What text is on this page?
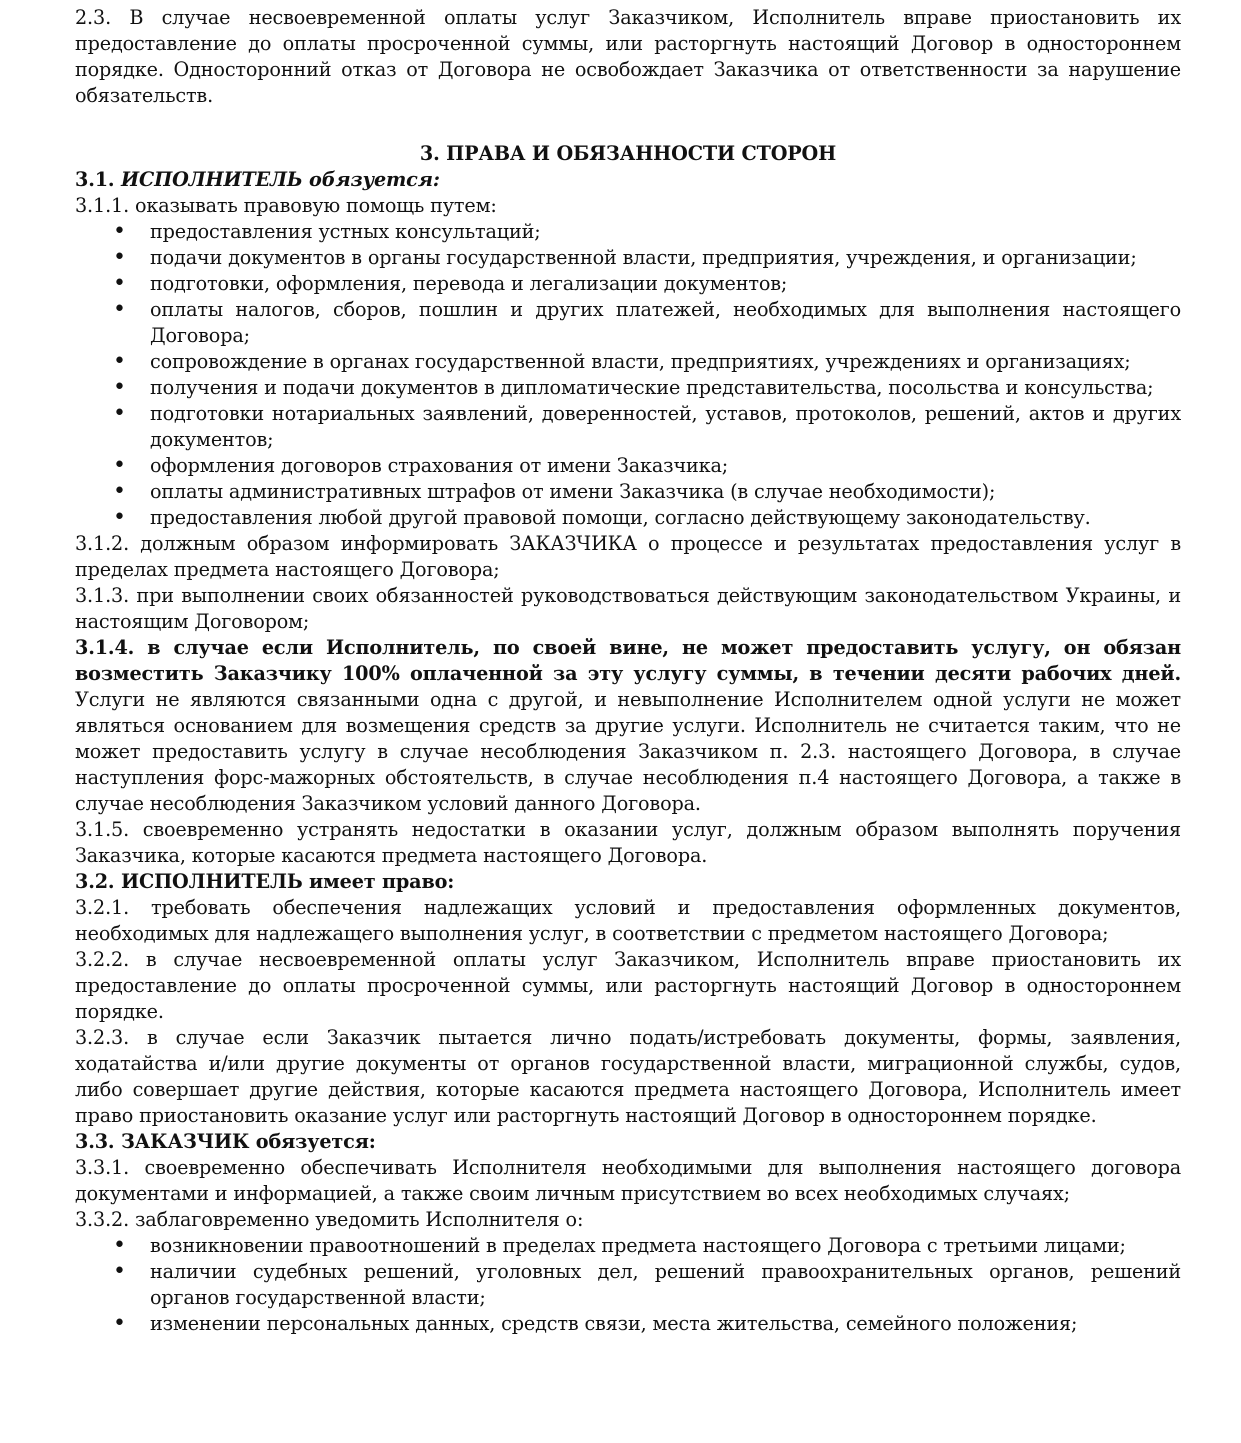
2.3. В случае несвоевременной оплаты услуг Заказчиком, Исполнитель вправе приостановить их предоставление до оплаты просроченной суммы, или расторгнуть настоящий Договор в одностороннем порядке. Односторонний отказ от Договора не освобождает Заказчика от ответственности за нарушение обязательств.

3. ПРАВА И ОБЯЗАННОСТИ СТОРОН

3.1. ИСПОЛНИТЕЛЬ обязуется:

3.1.1. оказывать правовую помощь путем:

• предоставления устных консультаций;
• подачи документов в органы государственной власти, предприятия, учреждения, и организации;
• подготовки, оформления, перевода и легализации документов;
• оплаты налогов, сборов, пошлин и других платежей, необходимых для выполнения настоящего Договора;
• сопровождение в органах государственной власти, предприятиях, учреждениях и организациях;
• получения и подачи документов в дипломатические представительства, посольства и консульства;
• подготовки нотариальных заявлений, доверенностей, уставов, протоколов, решений, актов и других документов;
• оформления договоров страхования от имени Заказчика;
• оплаты административных штрафов от имени Заказчика (в случае необходимости);
• предоставления любой другой правовой помощи, согласно действующему законодательству.

3.1.2. должным образом информировать ЗАКАЗЧИКА о процессе и результатах предоставления услуг в пределах предмета настоящего Договора;

3.1.3. при выполнении своих обязанностей руководствоваться действующим законодательством Украины, и настоящим Договором;

3.1.4. в случае если Исполнитель, по своей вине, не может предоставить услугу, он обязан возместить Заказчику 100% оплаченной за эту услугу суммы, в течении десяти рабочих дней. Услуги не являются связанными одна с другой, и невыполнение Исполнителем одной услуги не может являться основанием для возмещения средств за другие услуги. Исполнитель не считается таким, что не может предоставить услугу в случае несоблюдения Заказчиком п. 2.3. настоящего Договора, в случае наступления форс-мажорных обстоятельств, в случае несоблюдения п.4 настоящего Договора, а также в случае несоблюдения Заказчиком условий данного Договора.

3.1.5. своевременно устранять недостатки в оказании услуг, должным образом выполнять поручения Заказчика, которые касаются предмета настоящего Договора.

3.2. ИСПОЛНИТЕЛЬ имеет право:

3.2.1. требовать обеспечения надлежащих условий и предоставления оформленных документов, необходимых для надлежащего выполнения услуг, в соответствии с предметом настоящего Договора;

3.2.2. в случае несвоевременной оплаты услуг Заказчиком, Исполнитель вправе приостановить их предоставление до оплаты просроченной суммы, или расторгнуть настоящий Договор в одностороннем порядке.

3.2.3. в случае если Заказчик пытается лично подать/истребовать документы, формы, заявления, ходатайства и/или другие документы от органов государственной власти, миграционной службы, судов, либо совершает другие действия, которые касаются предмета настоящего Договора, Исполнитель имеет право приостановить оказание услуг или расторгнуть настоящий Договор в одностороннем порядке.

3.3. ЗАКАЗЧИК обязуется:

3.3.1. своевременно обеспечивать Исполнителя необходимыми для выполнения настоящего договора документами и информацией, а также своим личным присутствием во всех необходимых случаях;

3.3.2. заблаговременно уведомить Исполнителя о:

• возникновении правоотношений в пределах предмета настоящего Договора с третьими лицами;
• наличии судебных решений, уголовных дел, решений правоохранительных органов, решений органов государственной власти;
• изменении персональных данных, средств связи, места жительства, семейного положения;
